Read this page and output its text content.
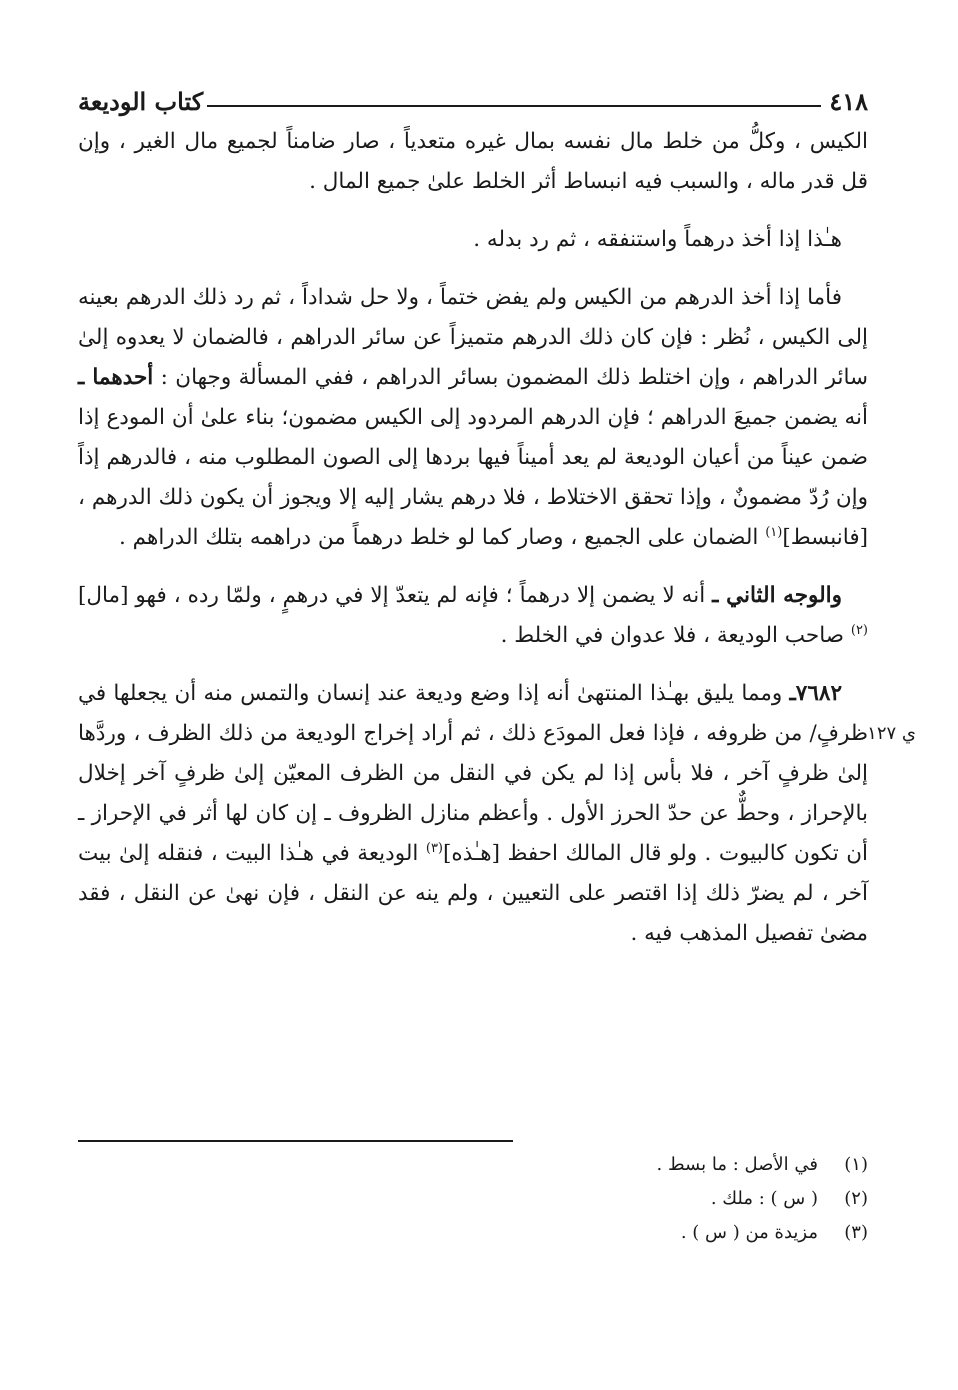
٤١٨
كتاب الوديعة

الكيس ، وكلُّ من خلط مال نفسه بمال غيره متعدياً ، صار ضامناً لجميع مال الغير ، وإن قل قدر ماله ، والسبب فيه انبساط أثر الخلط علىٰ جميع المال .

هـٰذا إذا أخذ درهماً واستنفقه ، ثم رد بدله .

فأما إذا أخذ الدرهم من الكيس ولم يفض ختماً ، ولا حل شداداً ، ثم رد ذلك الدرهم بعينه إلى الكيس ، نُظر : فإن كان ذلك الدرهم متميزاً عن سائر الدراهم ، فالضمان لا يعدوه إلىٰ سائر الدراهم ، وإن اختلط ذلك المضمون بسائر الدراهم ، ففي المسألة وجهان : أحدهما ـ أنه يضمن جميعَ الدراهم ؛ فإن الدرهم المردود إلى الكيس مضمون؛ بناء علىٰ أن المودع إذا ضمن عيناً من أعيان الوديعة لم يعد أميناً فيها بردها إلى الصون المطلوب منه ، فالدرهم إذاً وإن رُدّ مضمونٌ ، وإذا تحقق الاختلاط ، فلا درهم يشار إليه إلا ويجوز أن يكون ذلك الدرهم ، [فانبسط]$^{(١)}$ الضمان على الجميع ، وصار كما لو خلط درهماً من دراهمه بتلك الدراهم .

والوجه الثاني ـ أنه لا يضمن إلا درهماً ؛ فإنه لم يتعدّ إلا في درهمٍ ، ولمّا رده ، فهو [مال]$^{(٢)}$ صاحب الوديعة ، فلا عدوان في الخلط .

ي ١٢٧
٧٦٨٢ـ ومما يليق بهـٰذا المنتهىٰ أنه إذا وضع وديعة عند إنسان والتمس منه أن يجعلها في ظرفٍ/ من ظروفه ، فإذا فعل المودَع ذلك ، ثم أراد إخراج الوديعة من ذلك الظرف ، وردَّها إلىٰ ظرفٍ آخر ، فلا بأس إذا لم يكن في النقل من الظرف المعيّن إلىٰ ظرفٍ آخر إخلال بالإحراز ، وحطٌّ عن حدّ الحرز الأول . وأعظم منازل الظروف ـ إن كان لها أثر في الإحراز ـ أن تكون كالبيوت . ولو قال المالك احفظ [هـٰذه]$^{(٣)}$ الوديعة في هـٰذا البيت ، فنقله إلىٰ بيت آخر ، لم يضرّ ذلك إذا اقتصر على التعيين ، ولم ينه عن النقل ، فإن نهىٰ عن النقل ، فقد مضىٰ تفصيل المذهب فيه .

(١)في الأصل : ما بسط .
(٢)( س ) : ملك .
(٣)مزيدة من ( س ) .
